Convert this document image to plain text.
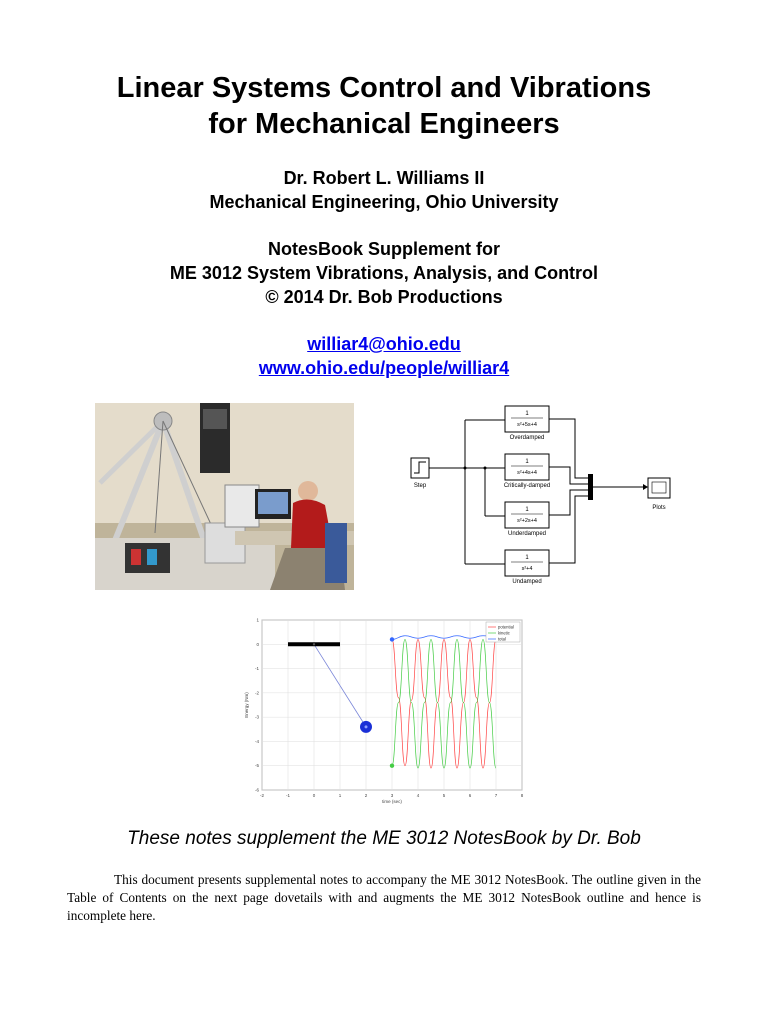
Linear Systems Control and Vibrations
for Mechanical Engineers
Dr. Robert L. Williams II
Mechanical Engineering, Ohio University
NotesBook Supplement for
ME 3012 System Vibrations, Analysis, and Control
© 2014 Dr. Bob Productions
williar4@ohio.edu
www.ohio.edu/people/williar4
Step
1
s²+5s+4
Overdamped
1
s²+4s+4
Critically-damped
1
s²+2s+4
Underdamped
1
s²+4
Undamped
Plots
-2	-1	0	1	2	3	4	5	6	7	8
1
0
-1
-2
-3
-4
-5
-6
time (sec)
Energy (Nm)
potential
kinetic
total
These notes supplement the ME 3012 NotesBook by Dr. Bob
This document presents supplemental notes to accompany the ME 3012 NotesBook. The outline given in the Table of Contents on the next page dovetails with and augments the ME 3012 NotesBook outline and hence is incomplete here.
